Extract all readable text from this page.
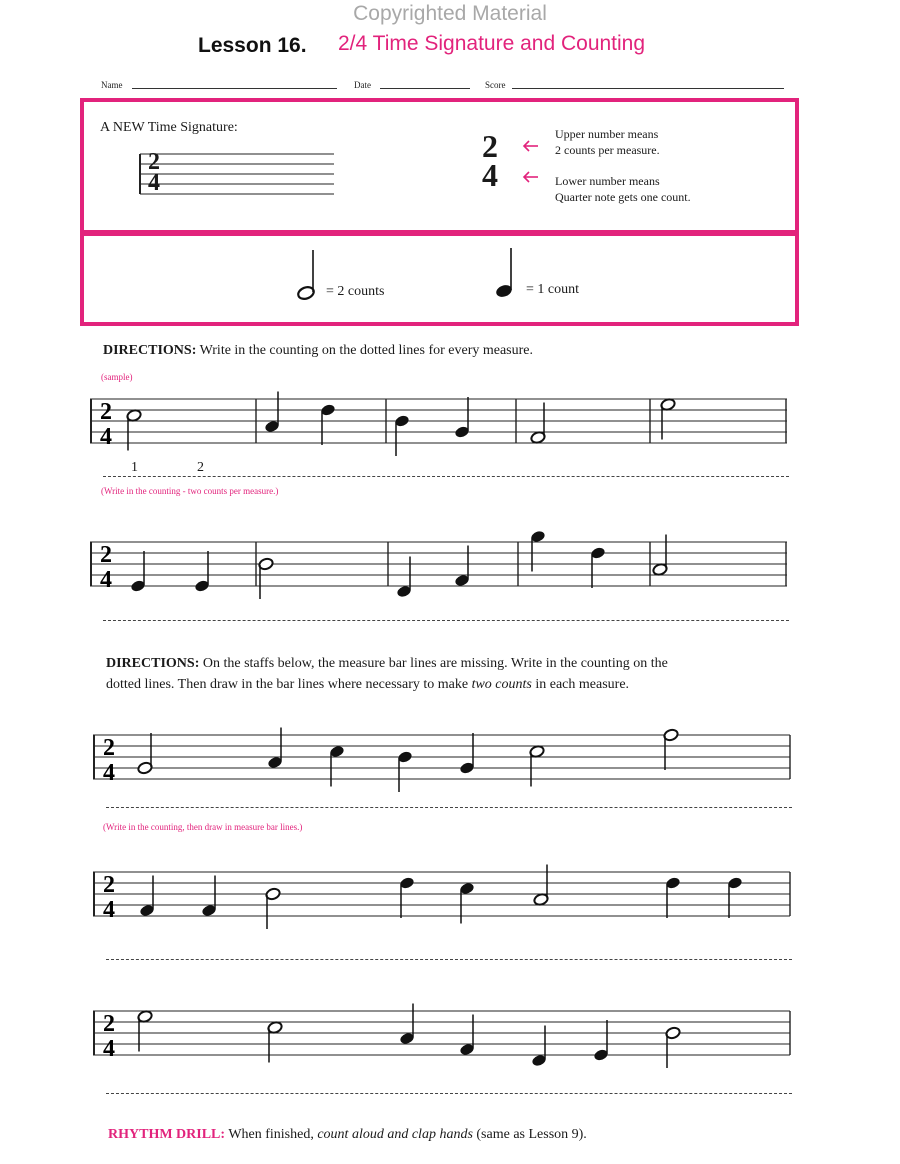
Copyrighted Material
Lesson 16. 2/4 Time Signature and Counting
Name	Date	Score
A NEW Time Signature:
2
4
2
4
Upper number means
2 counts per measure.
Lower number means
Quarter note gets one count.
= 2 counts	= 1 count
DIRECTIONS: Write in the counting on the dotted lines for every measure.
(sample)
2
4
1	2
(Write in the counting - two counts per measure.)
2
4
DIRECTIONS: On the staffs below, the measure bar lines are missing. Write in the counting on the
dotted lines. Then draw in the bar lines where necessary to make two counts in each measure.
2
4
(Write in the counting, then draw in measure bar lines.)
2
4
2
4
RHYTHM DRILL: When finished, count aloud and clap hands (same as Lesson 9).
